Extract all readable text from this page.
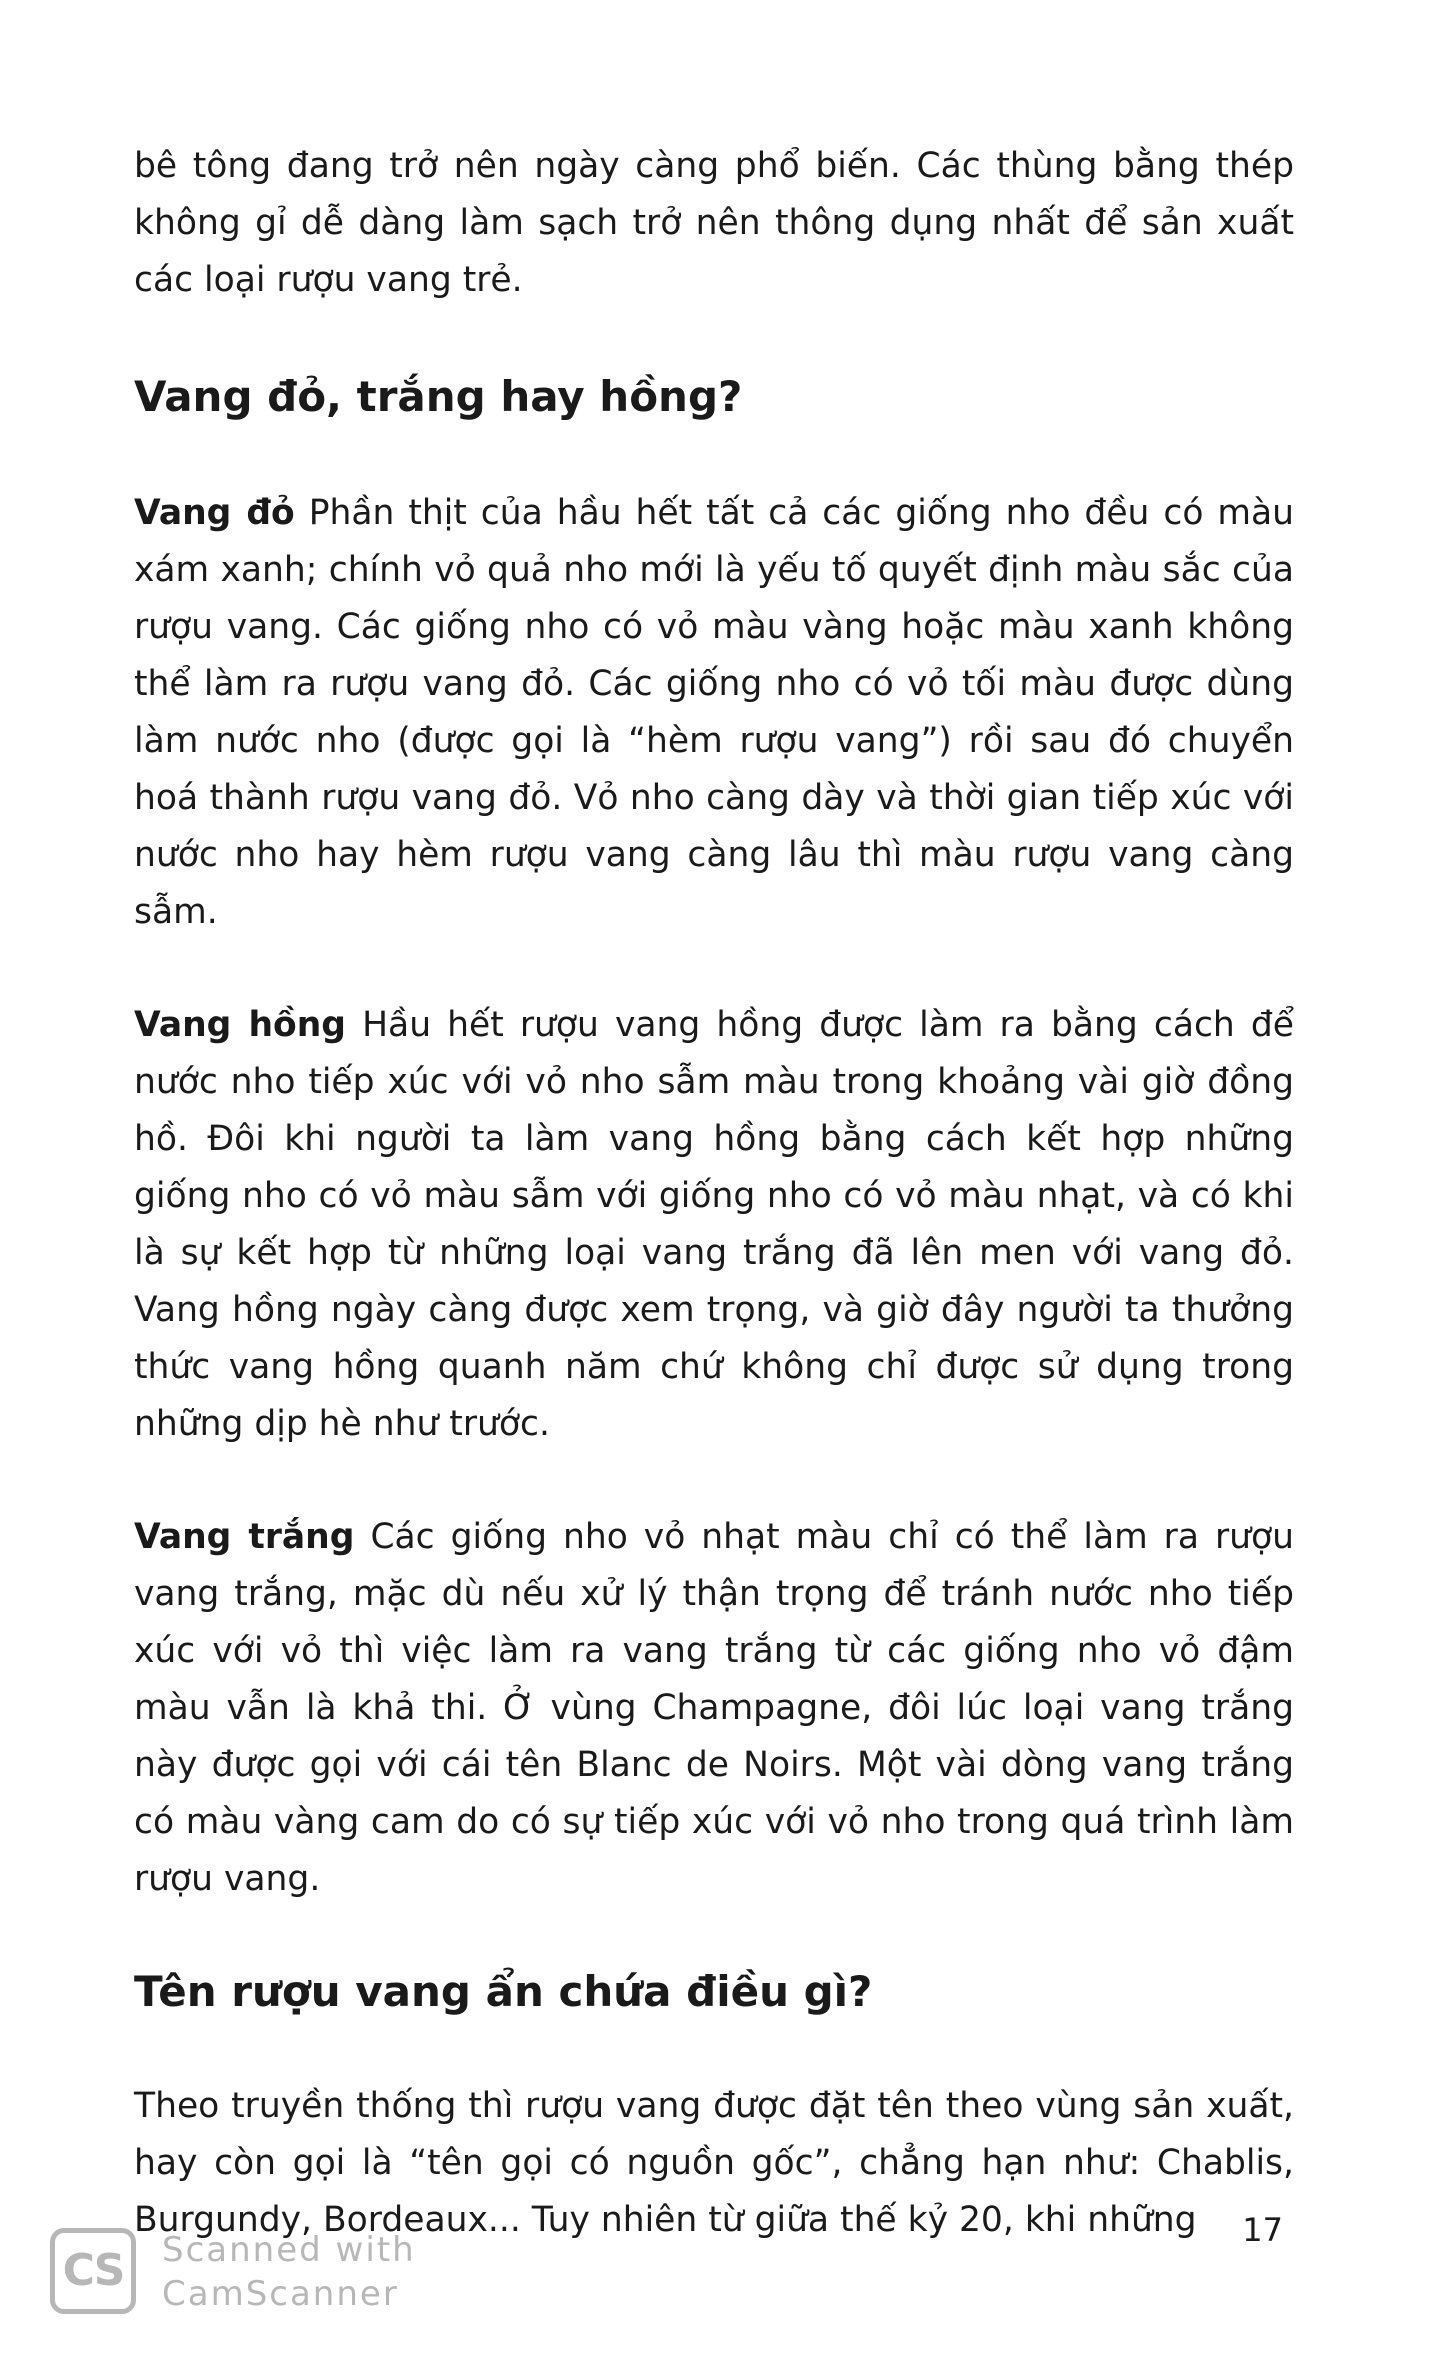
bê tông đang trở nên ngày càng phổ biến. Các thùng bằng thép không gỉ dễ dàng làm sạch trở nên thông dụng nhất để sản xuất các loại rượu vang trẻ.

Vang đỏ, trắng hay hồng?

Vang đỏ Phần thịt của hầu hết tất cả các giống nho đều có màu xám xanh; chính vỏ quả nho mới là yếu tố quyết định màu sắc của rượu vang. Các giống nho có vỏ màu vàng hoặc màu xanh không thể làm ra rượu vang đỏ. Các giống nho có vỏ tối màu được dùng làm nước nho (được gọi là “hèm rượu vang”) rồi sau đó chuyển hoá thành rượu vang đỏ. Vỏ nho càng dày và thời gian tiếp xúc với nước nho hay hèm rượu vang càng lâu thì màu rượu vang càng sẫm.

Vang hồng Hầu hết rượu vang hồng được làm ra bằng cách để nước nho tiếp xúc với vỏ nho sẫm màu trong khoảng vài giờ đồng hồ. Đôi khi người ta làm vang hồng bằng cách kết hợp những giống nho có vỏ màu sẫm với giống nho có vỏ màu nhạt, và có khi là sự kết hợp từ những loại vang trắng đã lên men với vang đỏ. Vang hồng ngày càng được xem trọng, và giờ đây người ta thưởng thức vang hồng quanh năm chứ không chỉ được sử dụng trong những dịp hè như trước.

Vang trắng Các giống nho vỏ nhạt màu chỉ có thể làm ra rượu vang trắng, mặc dù nếu xử lý thận trọng để tránh nước nho tiếp xúc với vỏ thì việc làm ra vang trắng từ các giống nho vỏ đậm màu vẫn là khả thi. Ở vùng Champagne, đôi lúc loại vang trắng này được gọi với cái tên Blanc de Noirs. Một vài dòng vang trắng có màu vàng cam do có sự tiếp xúc với vỏ nho trong quá trình làm rượu vang.

Tên rượu vang ẩn chứa điều gì?

Theo truyền thống thì rượu vang được đặt tên theo vùng sản xuất, hay còn gọi là “tên gọi có nguồn gốc”, chẳng hạn như: Chablis, Burgundy, Bordeaux... Tuy nhiên từ giữa thế kỷ 20, khi những	17
CS	Scanned with
CamScanner
